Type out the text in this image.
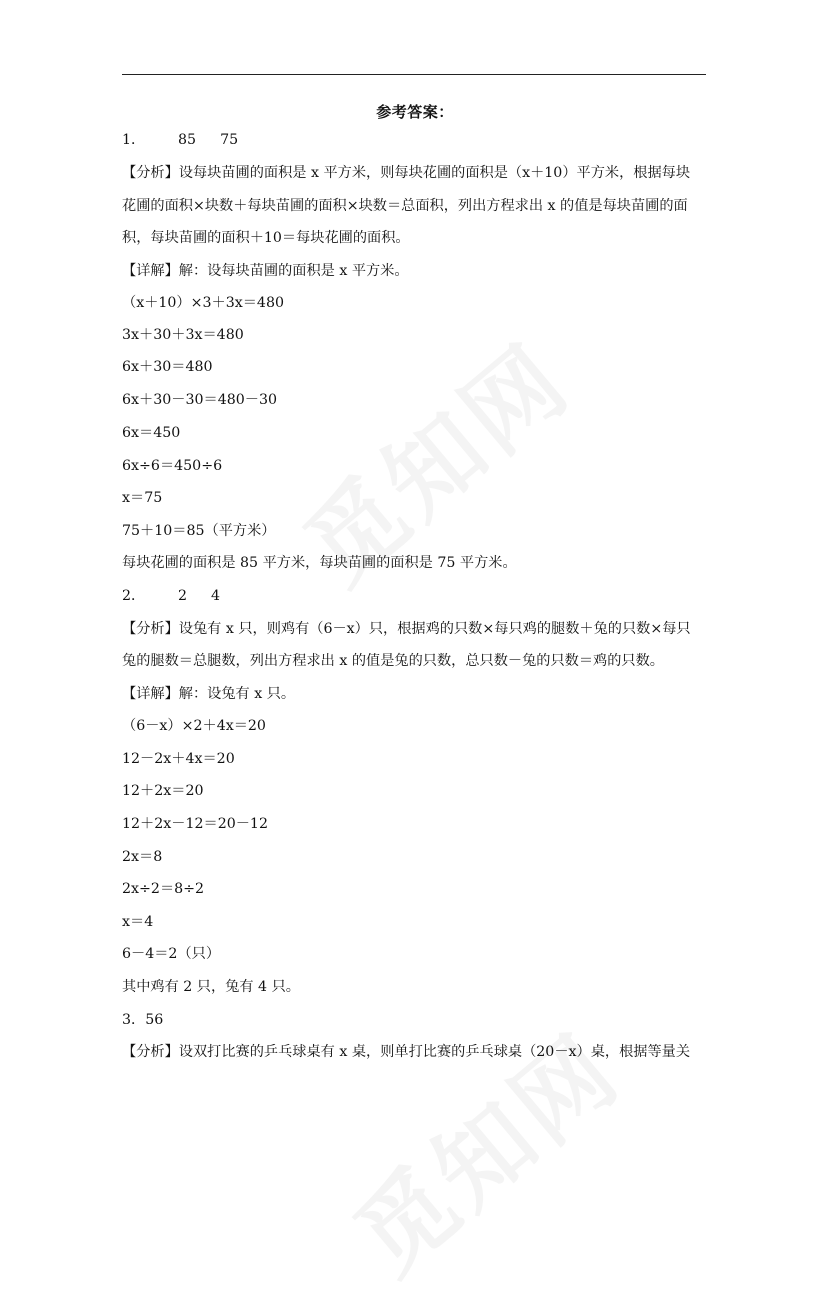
参考答案：
1． 85 75
【分析】设每块苗圃的面积是 x 平方米，则每块花圃的面积是（x＋10）平方米，根据每块
花圃的面积×块数＋每块苗圃的面积×块数＝总面积，列出方程求出 x 的值是每块苗圃的面
积，每块苗圃的面积＋10＝每块花圃的面积。
【详解】解：设每块苗圃的面积是 x 平方米。
（x＋10）×3＋3x＝480
3x＋30＋3x＝480
6x＋30＝480
6x＋30－30＝480－30
6x＝450
6x÷6＝450÷6
x＝75
75＋10＝85（平方米）
每块花圃的面积是 85 平方米，每块苗圃的面积是 75 平方米。
2． 2 4
【分析】设兔有 x 只，则鸡有（6－x）只，根据鸡的只数×每只鸡的腿数＋兔的只数×每只
兔的腿数＝总腿数，列出方程求出 x 的值是兔的只数，总只数－兔的只数＝鸡的只数。
【详解】解：设兔有 x 只。
（6－x）×2＋4x＝20
12－2x＋4x＝20
12＋2x＝20
12＋2x－12＝20－12
2x＝8
2x÷2＝8÷2
x＝4
6－4＝2（只）
其中鸡有 2 只，兔有 4 只。
3．56
【分析】设双打比赛的乒乓球桌有 x 桌，则单打比赛的乒乓球桌（20－x）桌，根据等量关
